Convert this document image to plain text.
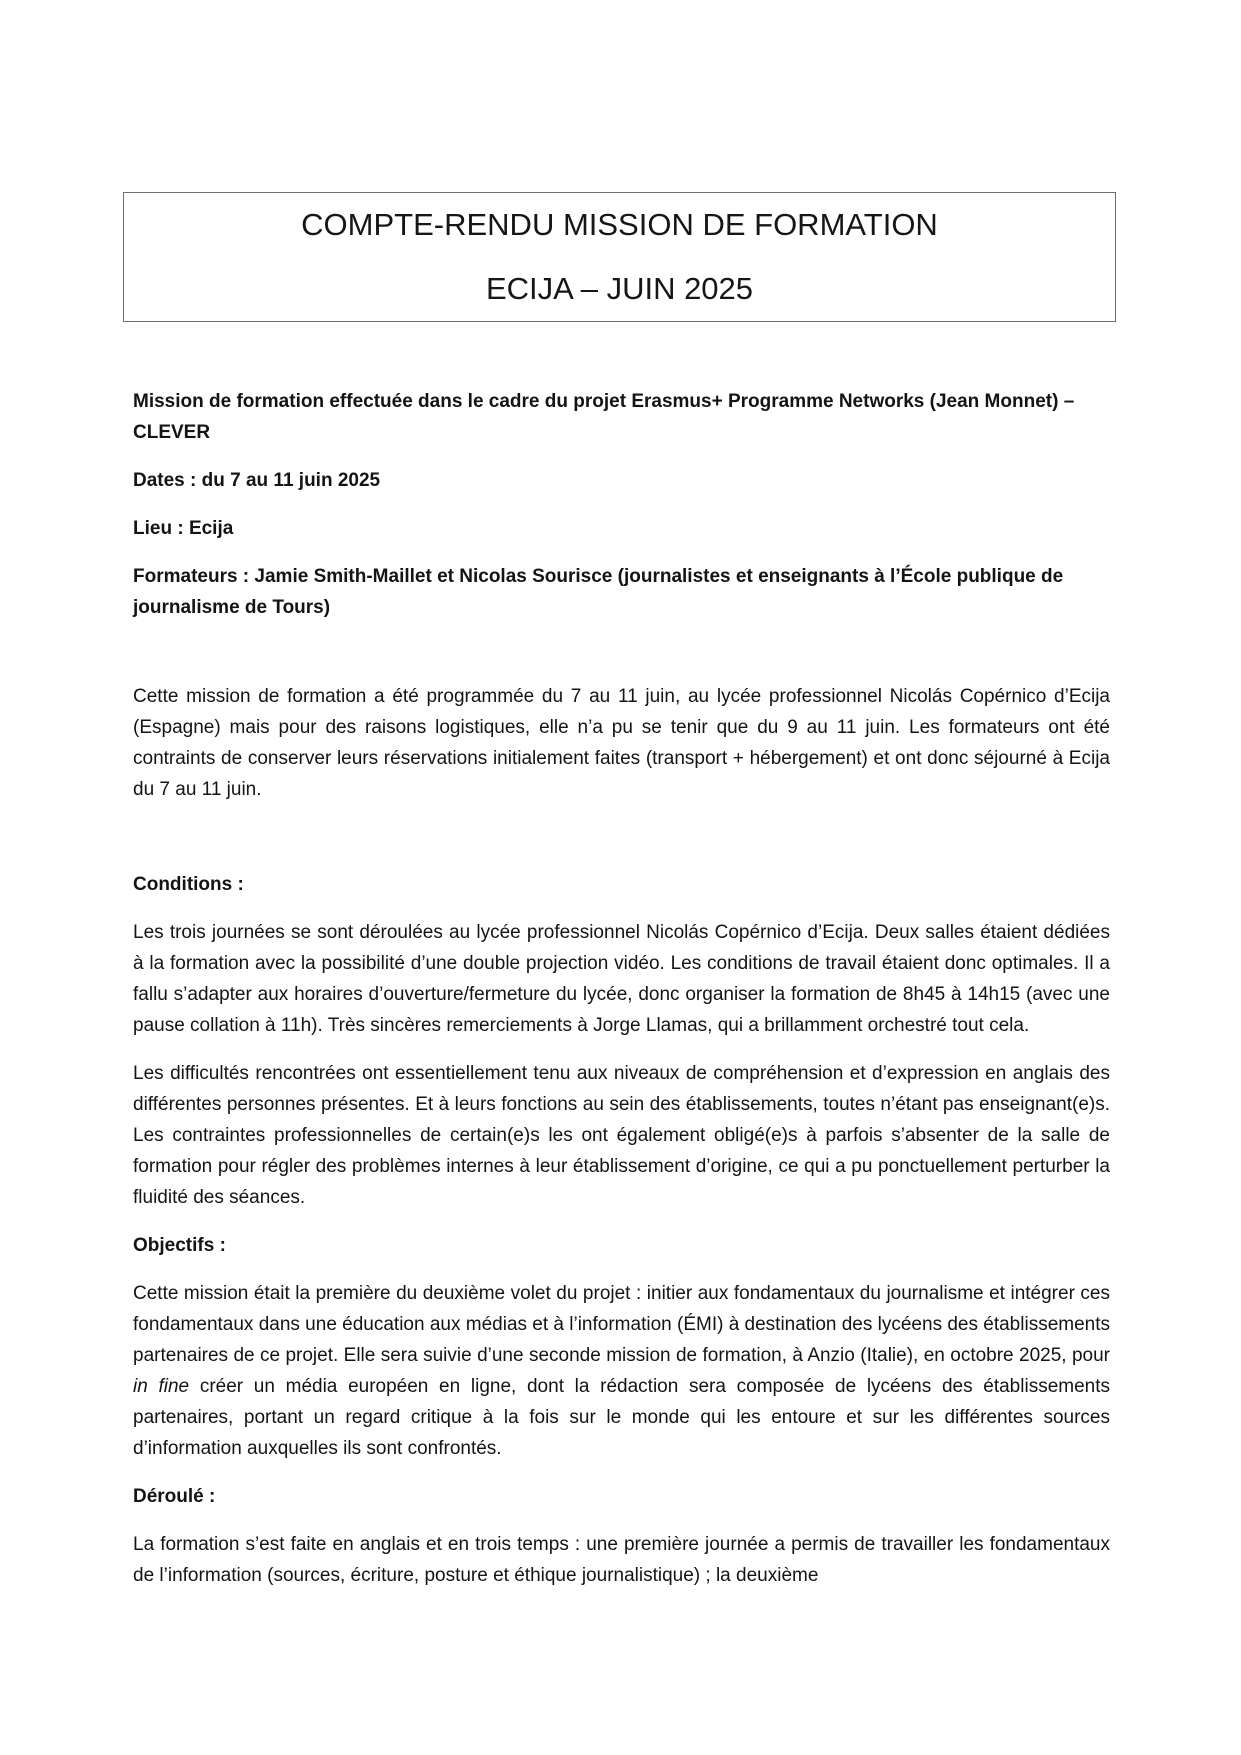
COMPTE-RENDU MISSION DE FORMATION
ECIJA – JUIN 2025

Mission de formation effectuée dans le cadre du projet Erasmus+ Programme Networks (Jean Monnet) – CLEVER

Dates : du 7 au 11 juin 2025

Lieu : Ecija

Formateurs : Jamie Smith-Maillet et Nicolas Sourisce (journalistes et enseignants à l’École publique de journalisme de Tours)

Cette mission de formation a été programmée du 7 au 11 juin, au lycée professionnel Nicolás Copérnico d’Ecija (Espagne) mais pour des raisons logistiques, elle n’a pu se tenir que du 9 au 11 juin. Les formateurs ont été contraints de conserver leurs réservations initialement faites (transport + hébergement) et ont donc séjourné à Ecija du 7 au 11 juin.

Conditions :

Les trois journées se sont déroulées au lycée professionnel Nicolás Copérnico d’Ecija. Deux salles étaient dédiées à la formation avec la possibilité d’une double projection vidéo. Les conditions de travail étaient donc optimales. Il a fallu s’adapter aux horaires d’ouverture/fermeture du lycée, donc organiser la formation de 8h45 à 14h15 (avec une pause collation à 11h). Très sincères remerciements à Jorge Llamas, qui a brillamment orchestré tout cela.

Les difficultés rencontrées ont essentiellement tenu aux niveaux de compréhension et d’expression en anglais des différentes personnes présentes. Et à leurs fonctions au sein des établissements, toutes n’étant pas enseignant(e)s. Les contraintes professionnelles de certain(e)s les ont également obligé(e)s à parfois s’absenter de la salle de formation pour régler des problèmes internes à leur établissement d’origine, ce qui a pu ponctuellement perturber la fluidité des séances.

Objectifs :

Cette mission était la première du deuxième volet du projet : initier aux fondamentaux du journalisme et intégrer ces fondamentaux dans une éducation aux médias et à l’information (ÉMI) à destination des lycéens des établissements partenaires de ce projet. Elle sera suivie d’une seconde mission de formation, à Anzio (Italie), en octobre 2025, pour in fine créer un média européen en ligne, dont la rédaction sera composée de lycéens des établissements partenaires, portant un regard critique à la fois sur le monde qui les entoure et sur les différentes sources d’information auxquelles ils sont confrontés.

Déroulé :

La formation s’est faite en anglais et en trois temps : une première journée a permis de travailler les fondamentaux de l’information (sources, écriture, posture et éthique journalistique) ; la deuxième
